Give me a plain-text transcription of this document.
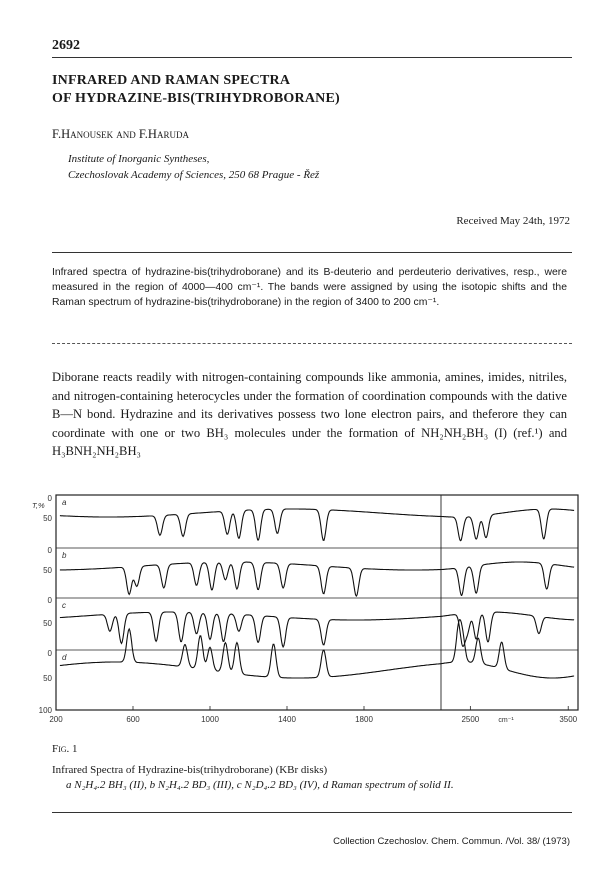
2692
INFRARED AND RAMAN SPECTRA
OF HYDRAZINE-BIS(TRIHYDROBORANE)
F.Hanousek and F.Haruda
Institute of Inorganic Syntheses,
Czechoslovak Academy of Sciences, 250 68 Prague - Řež
Received May 24th, 1972
Infrared spectra of hydrazine-bis(trihydroborane) and its B-deuterio and perdeuterio derivatives, resp., were measured in the region of 4000—400 cm⁻¹. The bands were assigned by using the isotopic shifts and the Raman spectrum of hydrazine-bis(trihydroborane) in the region of 3400 to 200 cm⁻¹.
Diborane reacts readily with nitrogen-containing compounds like ammonia, amines, imides, nitriles, and nitrogen-containing heterocycles under the formation of coordination compounds with the dative B—N bond. Hydrazine and its derivatives possess two lone electron pairs, and theferore they can coordinate with one or two BH₃ molecules under the formation of NH₂NH₂BH₃ (I) (ref.¹) and H₃BNH₂NH₂BH₃
0
50
0
50
0
50
0
50
100
T,%
200	600	1000	1400	1800	2500	3500
cm⁻¹
a
b
c
d
Fig. 1
Infrared Spectra of Hydrazine-bis(trihydroborane) (KBr disks)
a N₂H₄.2 BH₃ (II), b N₂H₄.2 BD₃ (III), c N₂D₄.2 BD₃ (IV), d Raman spectrum of solid II.
Collection Czechoslov. Chem. Commun. /Vol. 38/ (1973)
